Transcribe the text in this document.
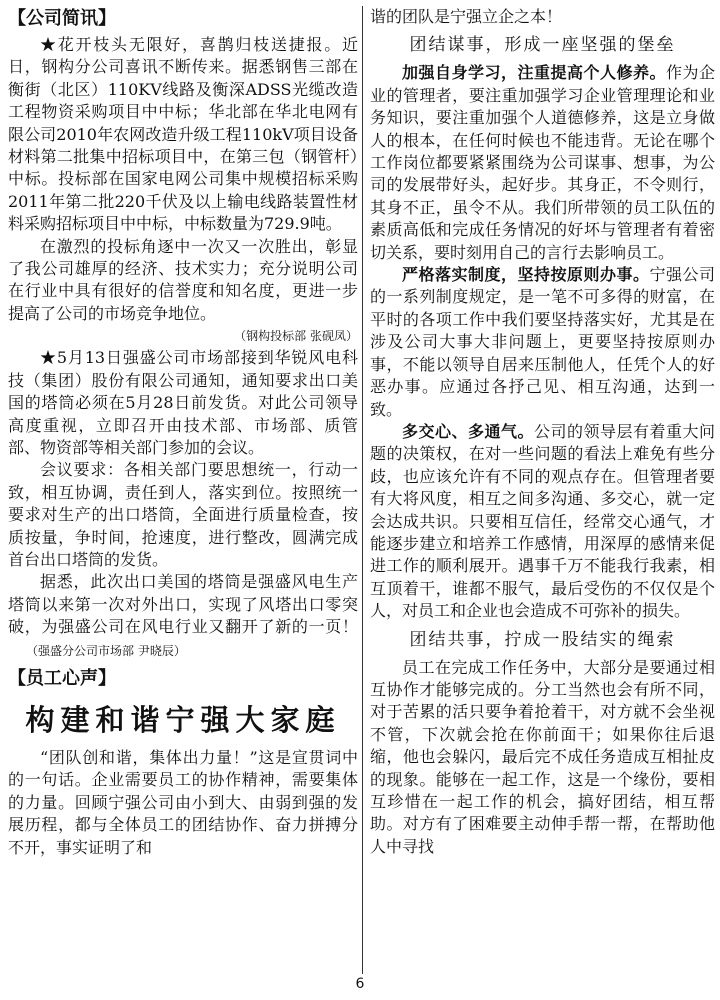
【公司简讯】

★花开枝头无限好，喜鹊归枝送捷报。近日，钢构分公司喜讯不断传来。据悉钢售三部在衡街（北区）110KV线路及衡深ADSS光缆改造工程物资采购项目中中标；华北部在华北电网有限公司2010年农网改造升级工程110kV项目设备材料第二批集中招标项目中，在第三包（钢管杆）中标。投标部在国家电网公司集中规模招标采购2011年第二批220千伏及以上输电线路装置性材料采购招标项目中中标，中标数量为729.9吨。

在激烈的投标角逐中一次又一次胜出，彰显了我公司雄厚的经济、技术实力；充分说明公司在行业中具有很好的信誉度和知名度，更进一步提高了公司的市场竞争地位。

（钢构投标部 张砚凤）

★5月13日强盛公司市场部接到华锐风电科技（集团）股份有限公司通知，通知要求出口美国的塔筒必须在5月28日前发货。对此公司领导高度重视，立即召开由技术部、市场部、质管部、物资部等相关部门参加的会议。

会议要求：各相关部门要思想统一，行动一致，相互协调，责任到人，落实到位。按照统一要求对生产的出口塔筒，全面进行质量检查，按质按量，争时间，抢速度，进行整改，圆满完成首台出口塔筒的发货。

据悉，此次出口美国的塔筒是强盛风电生产塔筒以来第一次对外出口，实现了风塔出口零突破，为强盛公司在风电行业又翻开了新的一页！（强盛分公司市场部 尹晓辰）

【员工心声】
构建和谐宁强大家庭

“团队创和谐，集体出力量！”这是宣贯词中的一句话。企业需要员工的协作精神，需要集体的力量。回顾宁强公司由小到大、由弱到强的发展历程，都与全体员工的团结协作、奋力拼搏分不开，事实证明了和

谐的团队是宁强立企之本！

团结谋事，形成一座坚强的堡垒

加强自身学习，注重提高个人修养。作为企业的管理者，要注重加强学习企业管理理论和业务知识，要注重加强个人道德修养，这是立身做人的根本，在任何时候也不能违背。无论在哪个工作岗位都要紧紧围绕为公司谋事、想事，为公司的发展带好头，起好步。其身正，不令则行，其身不正，虽令不从。我们所带领的员工队伍的素质高低和完成任务情况的好坏与管理者有着密切关系，要时刻用自己的言行去影响员工。

严格落实制度，坚持按原则办事。宁强公司的一系列制度规定，是一笔不可多得的财富，在平时的各项工作中我们要坚持落实好，尤其是在涉及公司大事大非问题上，更要坚持按原则办事，不能以领导自居来压制他人，任凭个人的好恶办事。应通过各抒己见、相互沟通，达到一致。

多交心、多通气。公司的领导层有着重大问题的决策权，在对一些问题的看法上难免有些分歧，也应该允许有不同的观点存在。但管理者要有大将风度，相互之间多沟通、多交心，就一定会达成共识。只要相互信任，经常交心通气，才能逐步建立和培养工作感情，用深厚的感情来促进工作的顺利展开。遇事千万不能我行我素，相互顶着干，谁都不服气，最后受伤的不仅仅是个人，对员工和企业也会造成不可弥补的损失。

团结共事，拧成一股结实的绳索

员工在完成工作任务中，大部分是要通过相互协作才能够完成的。分工当然也会有所不同，对于苦累的活只要争着抢着干，对方就不会坐视不管，下次就会抢在你前面干；如果你往后退缩，他也会躲闪，最后完不成任务造成互相扯皮的现象。能够在一起工作，这是一个缘份，要相互珍惜在一起工作的机会，搞好团结，相互帮助。对方有了困难要主动伸手帮一帮，在帮助他人中寻找

6
